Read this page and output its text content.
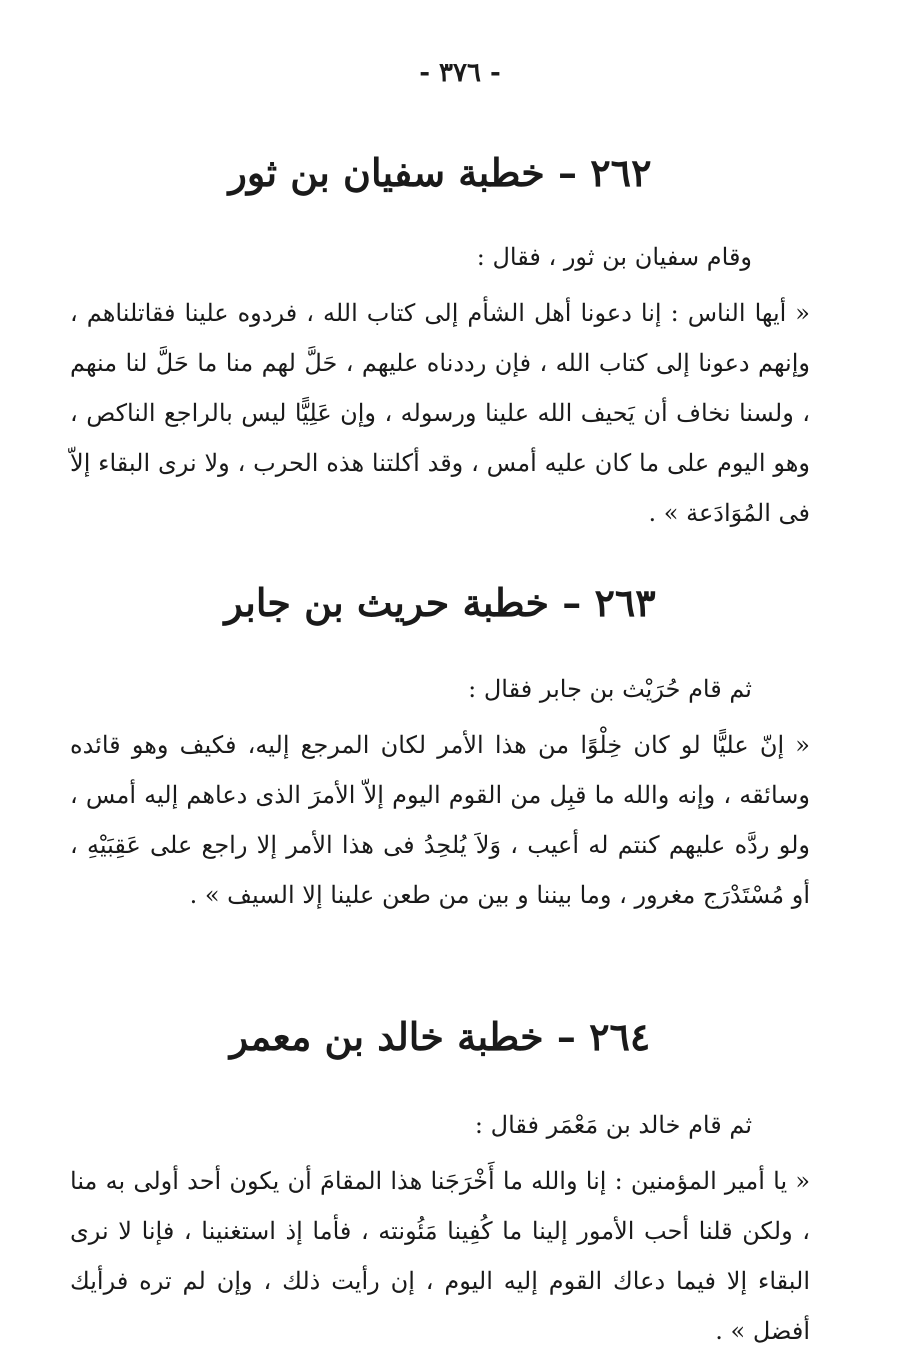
- ٣٧٦ -
٢٦٢ – خطبة سفيان بن ثور

وقام سفيان بن ثور ، فقال :

« أيها الناس : إنا دعونا أهل الشأم إلى كتاب الله ، فردوه علينا فقاتلناهم ، وإنهم دعونا إلى كتاب الله ، فإن رددناه عليهم ، حَلَّ لهم منا ما حَلَّ لنا منهم ، ولسنا نخاف أن يَحيف الله علينا ورسوله ، وإن عَلِيًّا ليس بالراجع الناكص ، وهو اليوم على ما كان عليه أمس ، وقد أكلتنا هذه الحرب ، ولا نرى البقاء إلاّ فى المُوَادَعة » .

٢٦٣ – خطبة حريث بن جابر

ثم قام حُرَيْث بن جابر فقال :

« إنّ عليًّا لو كان خِلْوًا من هذا الأمر لكان المرجع إليه، فكيف وهو قائده وسائقه ، وإنه والله ما قبِل من القوم اليوم إلاّ الأمرَ الذى دعاهم إليه أمس ، ولو ردَّه عليهم كنتم له أعيب ، وَلاَ يُلحِدُ فى هذا الأمر إلا راجع على عَقِبَيْهِ ، أو مُسْتَدْرَج مغرور ، وما بيننا و بين من طعن علينا إلا السيف » .

٢٦٤ – خطبة خالد بن معمر

ثم قام خالد بن مَعْمَر فقال :

« يا أمير المؤمنين : إنا والله ما أَخْرَجَنا هذا المقامَ أن يكون أحد أولى به منا ، ولكن قلنا أحب الأمور إلينا ما كُفِينا مَئُونته ، فأما إذ استغنينا ، فإنا لا نرى البقاء إلا فيما دعاك القوم إليه اليوم ، إن رأيت ذلك ، وإن لم تره فرأيك أفضل » .
